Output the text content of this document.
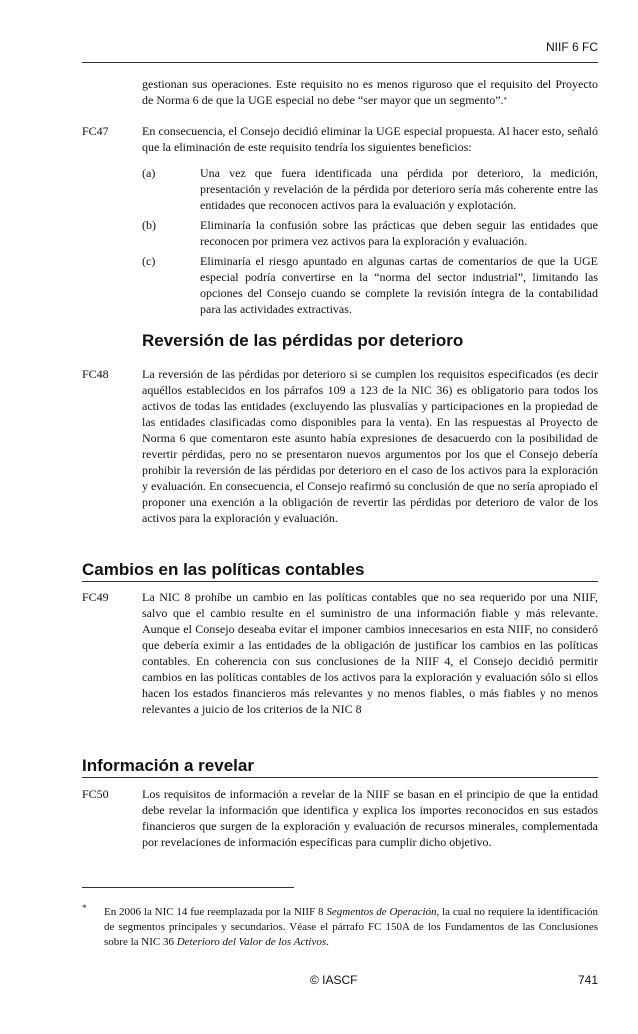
NIIF 6 FC
gestionan sus operaciones. Este requisito no es menos riguroso que el requisito del Proyecto de Norma 6 de que la UGE especial no debe “ser mayor que un segmento”.*
FC47	En consecuencia, el Consejo decidió eliminar la UGE especial propuesta. Al hacer esto, señaló que la eliminación de este requisito tendría los siguientes beneficios:
(a)	Una vez que fuera identificada una pérdida por deterioro, la medición, presentación y revelación de la pérdida por deterioro sería más coherente entre las entidades que reconocen activos para la evaluación y explotación.
(b)	Eliminaría la confusión sobre las prácticas que deben seguir las entidades que reconocen por primera vez activos para la exploración y evaluación.
(c)	Eliminaría el riesgo apuntado en algunas cartas de comentarios de que la UGE especial podría convertirse en la “norma del sector industrial”, limitando las opciones del Consejo cuando se complete la revisión íntegra de la contabilidad para las actividades extractivas.
Reversión de las pérdidas por deterioro
FC48	La reversión de las pérdidas por deterioro si se cumplen los requisitos especificados (es decir aquéllos establecidos en los párrafos 109 a 123 de la NIC 36) es obligatorio para todos los activos de todas las entidades (excluyendo las plusvalías y participaciones en la propiedad de las entidades clasificadas como disponibles para la venta). En las respuestas al Proyecto de Norma 6 que comentaron este asunto había expresiones de desacuerdo con la posibilidad de revertir pérdidas, pero no se presentaron nuevos argumentos por los que el Consejo debería prohibir la reversión de las pérdidas por deterioro en el caso de los activos para la exploración y evaluación. En consecuencia, el Consejo reafirmó su conclusión de que no sería apropiado el proponer una exención a la obligación de revertir las pérdidas por deterioro de valor de los activos para la exploración y evaluación.
Cambios en las políticas contables
FC49	La NIC 8 prohíbe un cambio en las políticas contables que no sea requerido por una NIIF, salvo que el cambio resulte en el suministro de una información fiable y más relevante. Aunque el Consejo deseaba evitar el imponer cambios innecesarios en esta NIIF, no consideró que debería eximir a las entidades de la obligación de justificar los cambios en las políticas contables. En coherencia con sus conclusiones de la NIIF 4, el Consejo decidió permitir cambios en las políticas contables de los activos para la exploración y evaluación sólo si ellos hacen los estados financieros más relevantes y no menos fiables, o más fiables y no menos relevantes a juicio de los criterios de la NIC 8
Información a revelar
FC50	Los requisitos de información a revelar de la NIIF se basan en el principio de que la entidad debe revelar la información que identifica y explica los importes reconocidos en sus estados financieros que surgen de la exploración y evaluación de recursos minerales, complementada por revelaciones de información específicas para cumplir dicho objetivo.
* En 2006 la NIC 14 fue reemplazada por la NIIF 8 Segmentos de Operación, la cual no requiere la identificación de segmentos principales y secundarios. Véase el párrafo FC 150A de los Fundamentos de las Conclusiones sobre la NIC 36 Deterioro del Valor de los Activos.
© IASCF	741
